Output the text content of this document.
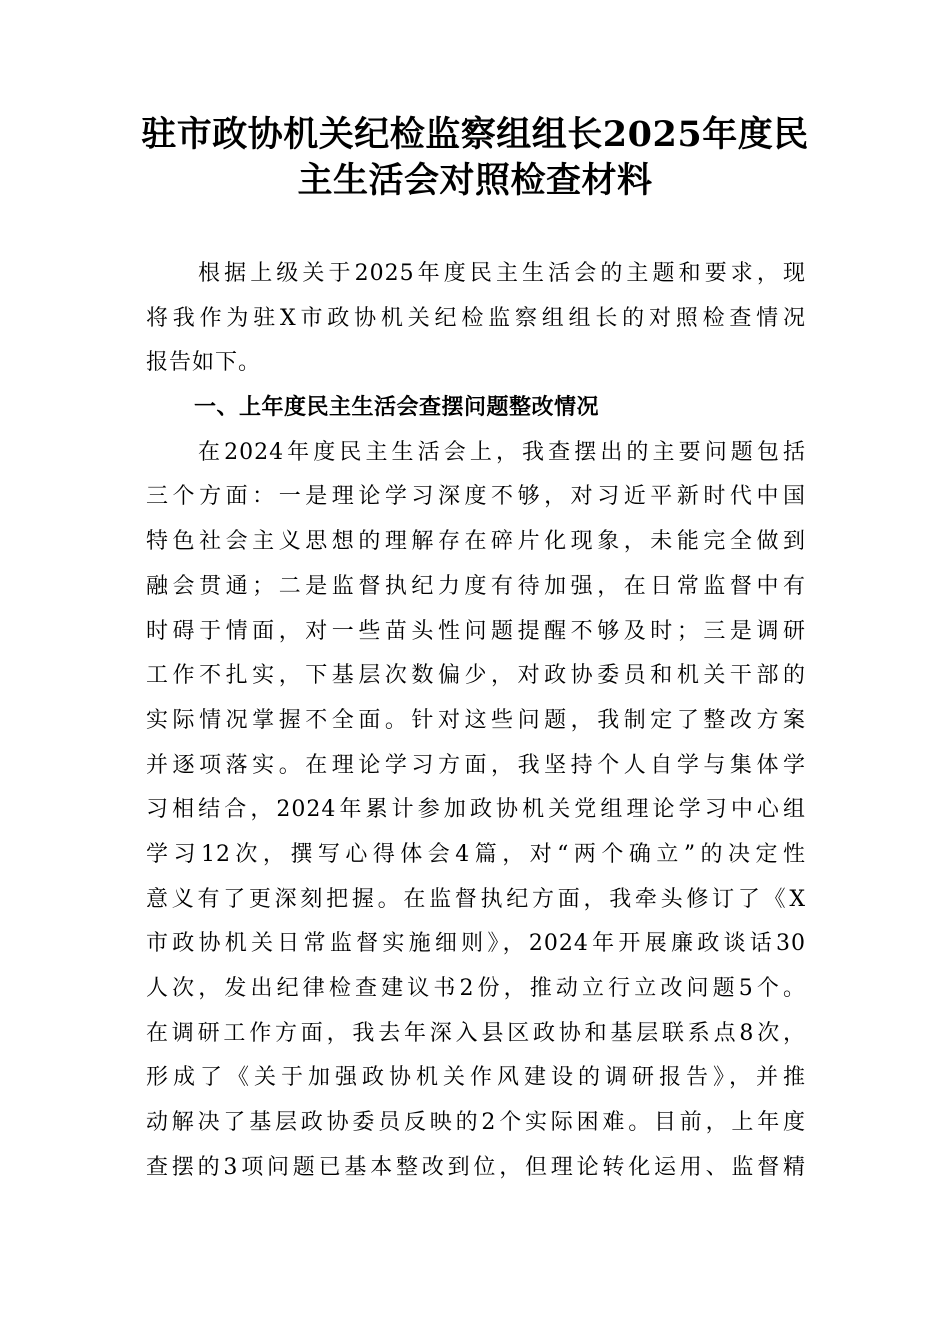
驻市政协机关纪检监察组组长2025年度民
主生活会对照检查材料
根据上级关于2025年度民主生活会的主题和要求，现
将我作为驻X市政协机关纪检监察组组长的对照检查情况
报告如下。
一、上年度民主生活会查摆问题整改情况
在2024年度民主生活会上，我查摆出的主要问题包括
三个方面：一是理论学习深度不够，对习近平新时代中国
特色社会主义思想的理解存在碎片化现象，未能完全做到
融会贯通；二是监督执纪力度有待加强，在日常监督中有
时碍于情面，对一些苗头性问题提醒不够及时；三是调研
工作不扎实，下基层次数偏少，对政协委员和机关干部的
实际情况掌握不全面。针对这些问题，我制定了整改方案
并逐项落实。在理论学习方面，我坚持个人自学与集体学
习相结合，2024年累计参加政协机关党组理论学习中心组
学习12次，撰写心得体会4篇，对“两个确立”的决定性
意义有了更深刻把握。在监督执纪方面，我牵头修订了《X
市政协机关日常监督实施细则》，2024年开展廉政谈话30
人次，发出纪律检查建议书2份，推动立行立改问题5个。
在调研工作方面，我去年深入县区政协和基层联系点8次，
形成了《关于加强政协机关作风建设的调研报告》，并推
动解决了基层政协委员反映的2个实际困难。目前，上年度
查摆的3项问题已基本整改到位，但理论转化运用、监督精
